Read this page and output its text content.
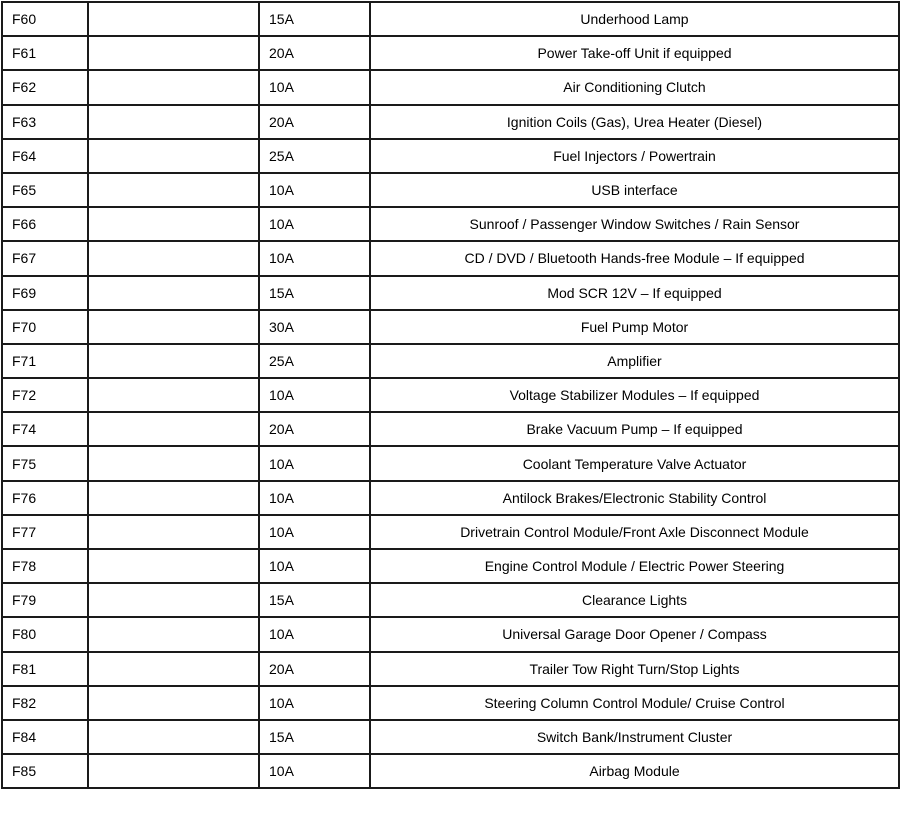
F60		15A	Underhood Lamp
F61		20A	Power Take-off Unit if equipped
F62		10A	Air Conditioning Clutch
F63		20A	Ignition Coils (Gas), Urea Heater (Diesel)
F64		25A	Fuel Injectors / Powertrain
F65		10A	USB interface
F66		10A	Sunroof / Passenger Window Switches / Rain Sensor
F67		10A	CD / DVD / Bluetooth Hands-free Module – If equipped
F69		15A	Mod SCR 12V – If equipped
F70		30A	Fuel Pump Motor
F71		25A	Amplifier
F72		10A	Voltage Stabilizer Modules – If equipped
F74		20A	Brake Vacuum Pump – If equipped
F75		10A	Coolant Temperature Valve Actuator
F76		10A	Antilock Brakes/Electronic Stability Control
F77		10A	Drivetrain Control Module/Front Axle Disconnect Module
F78		10A	Engine Control Module / Electric Power Steering
F79		15A	Clearance Lights
F80		10A	Universal Garage Door Opener / Compass
F81		20A	Trailer Tow Right Turn/Stop Lights
F82		10A	Steering Column Control Module/ Cruise Control
F84		15A	Switch Bank/Instrument Cluster
F85		10A	Airbag Module
